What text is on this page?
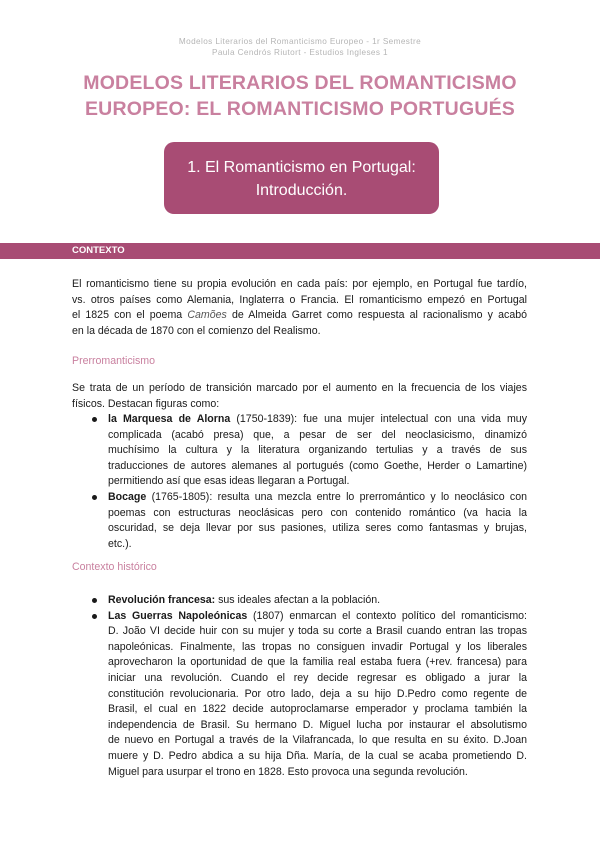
Modelos Literarios del Romanticismo Europeo - 1r Semestre
Paula Cendrós Riutort - Estudios Ingleses 1
MODELOS LITERARIOS DEL ROMANTICISMO
EUROPEO: EL ROMANTICISMO PORTUGUÉS
1. El Romanticismo en Portugal:
Introducción.
CONTEXTO
El romanticismo tiene su propia evolución en cada país: por ejemplo, en Portugal fue tardío,
vs. otros países como Alemania, Inglaterra o Francia. El romanticismo empezó en Portugal
el 1825 con el poema Camões de Almeida Garret como respuesta al racionalismo y acabó
en la década de 1870 con el comienzo del Realismo.
Prerromanticismo
Se trata de un período de transición marcado por el aumento en la frecuencia de los viajes
físicos. Destacan figuras como:
la Marquesa de Alorna (1750-1839): fue una mujer intelectual con una vida muy
complicada (acabó presa) que, a pesar de ser del neoclasicismo, dinamizó
muchísimo la cultura y la literatura organizando tertulias y a través de sus
traducciones de autores alemanes al portugués (como Goethe, Herder o Lamartine)
permitiendo así que esas ideas llegaran a Portugal.
Bocage (1765-1805): resulta una mezcla entre lo prerromántico y lo neoclásico con
poemas con estructuras neoclásicas pero con contenido romántico (va hacia la
oscuridad, se deja llevar por sus pasiones, utiliza seres como fantasmas y brujas,
etc.).
Contexto histórico
Revolución francesa: sus ideales afectan a la población.
Las Guerras Napoleónicas (1807) enmarcan el contexto político del romanticismo:
D. João VI decide huir con su mujer y toda su corte a Brasil cuando entran las tropas
napoleónicas. Finalmente, las tropas no consiguen invadir Portugal y los liberales
aprovecharon la oportunidad de que la familia real estaba fuera (+rev. francesa) para
iniciar una revolución. Cuando el rey decide regresar es obligado a jurar la
constitución revolucionaria. Por otro lado, deja a su hijo D.Pedro como regente de
Brasil, el cual en 1822 decide autoproclamarse emperador y proclama también la
independencia de Brasil. Su hermano D. Miguel lucha por instaurar el absolutismo
de nuevo en Portugal a través de la Vilafrancada, lo que resulta en su éxito. D.Joan
muere y D. Pedro abdica a su hija Dña. María, de la cual se acaba prometiendo D.
Miguel para usurpar el trono en 1828. Esto provoca una segunda revolución.
